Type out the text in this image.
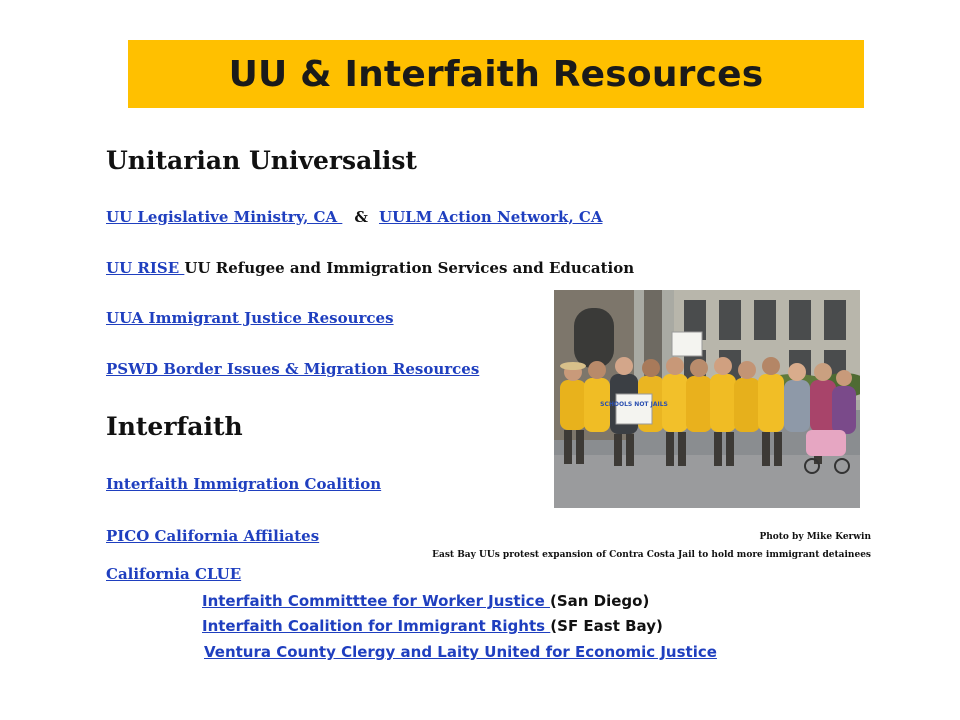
UU & Interfaith Resources
Unitarian Universalist
UU Legislative Ministry, CA & UULM Action Network, CA
UU RISE UU Refugee and Immigration Services and Education
UUA Immigrant Justice Resources
PSWD Border Issues & Migration Resources
Interfaith
Interfaith Immigration Coalition
PICO California Affiliates
California CLUE
Interfaith Committtee for Worker Justice (San Diego)
Interfaith Coalition for Immigrant Rights (SF East Bay)
Ventura County Clergy and Laity United for Economic Justice
SCHOOLS NOT JAILS
Photo by Mike Kerwin
East Bay UUs protest expansion of Contra Costa Jail to hold more immigrant detainees
